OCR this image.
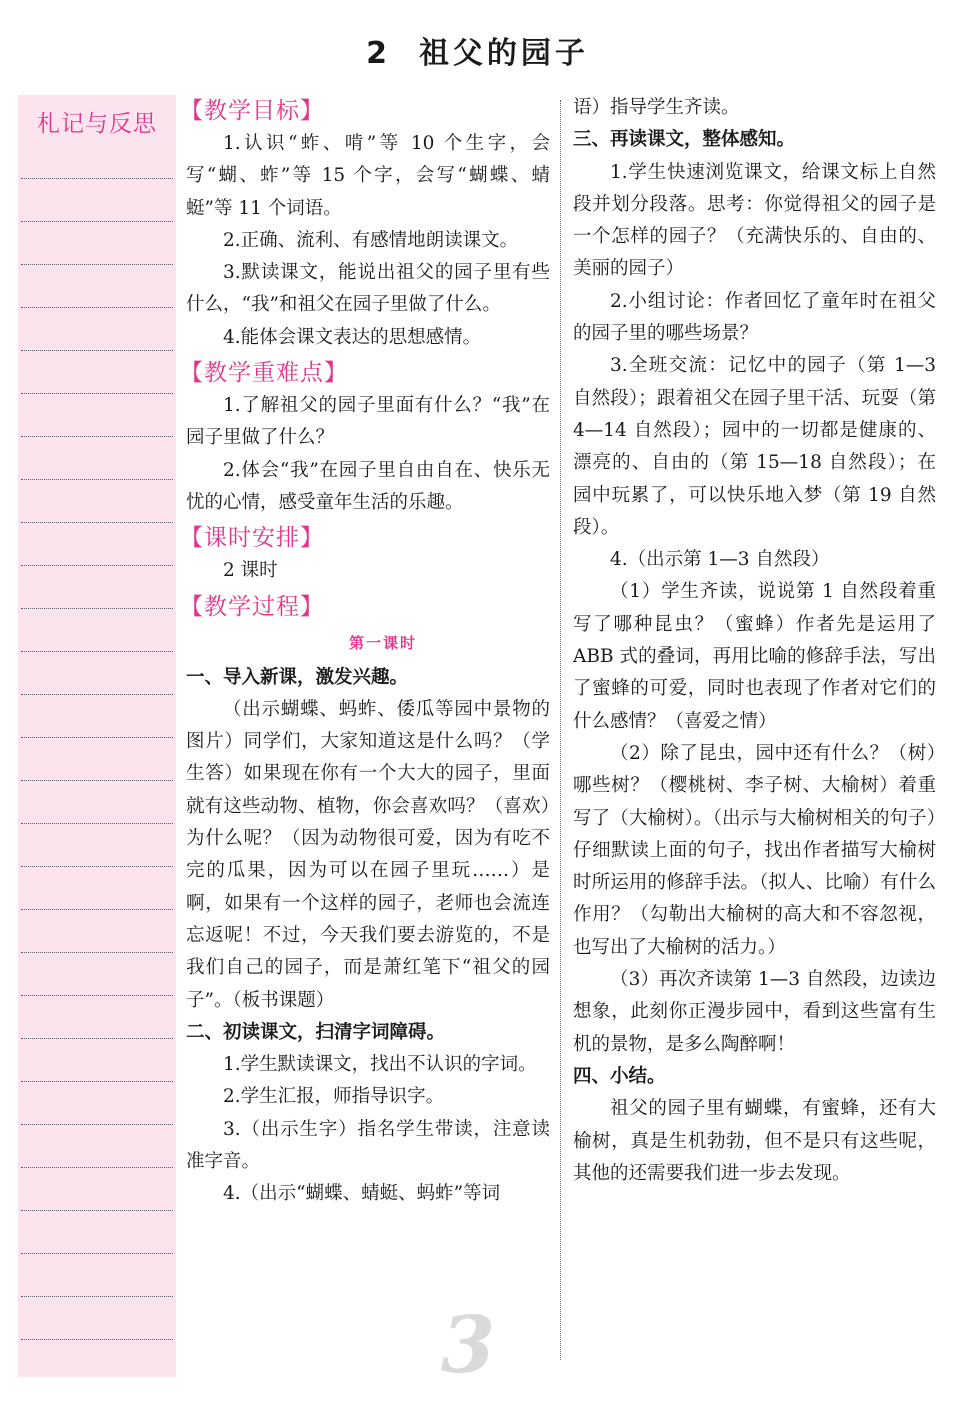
2 祖父的园子
札记与反思
3
【教学目标】

1.认识“蚱、啃”等 10 个生字，会写“蝴、蚱”等 15 个字，会写“蝴蝶、蜻蜓”等 11 个词语。

2.正确、流利、有感情地朗读课文。

3.默读课文，能说出祖父的园子里有些什么，“我”和祖父在园子里做了什么。

4.能体会课文表达的思想感情。

【教学重难点】

1.了解祖父的园子里面有什么？“我”在园子里做了什么？

2.体会“我”在园子里自由自在、快乐无忧的心情，感受童年生活的乐趣。

【课时安排】

2 课时

【教学过程】

第一课时

一、导入新课，激发兴趣。

（出示蝴蝶、蚂蚱、倭瓜等园中景物的图片）同学们，大家知道这是什么吗？（学生答）如果现在你有一个大大的园子，里面就有这些动物、植物，你会喜欢吗？（喜欢）为什么呢？（因为动物很可爱，因为有吃不完的瓜果，因为可以在园子里玩……）是啊，如果有一个这样的园子，老师也会流连忘返呢！不过，今天我们要去游览的，不是我们自己的园子，而是萧红笔下“祖父的园子”。（板书课题）

二、初读课文，扫清字词障碍。

1.学生默读课文，找出不认识的字词。

2.学生汇报，师指导识字。

3.（出示生字）指名学生带读，注意读准字音。

4.（出示“蝴蝶、蜻蜓、蚂蚱”等词

语）指导学生齐读。

三、再读课文，整体感知。

1.学生快速浏览课文，给课文标上自然段并划分段落。思考：你觉得祖父的园子是一个怎样的园子？（充满快乐的、自由的、美丽的园子）

2.小组讨论：作者回忆了童年时在祖父的园子里的哪些场景？

3.全班交流：记忆中的园子（第 1—3 自然段）；跟着祖父在园子里干活、玩耍（第 4—14 自然段）；园中的一切都是健康的、漂亮的、自由的（第 15—18 自然段）；在园中玩累了，可以快乐地入梦（第 19 自然段）。

4.（出示第 1—3 自然段）

（1）学生齐读，说说第 1 自然段着重写了哪种昆虫？（蜜蜂）作者先是运用了 ABB 式的叠词，再用比喻的修辞手法，写出了蜜蜂的可爱，同时也表现了作者对它们的什么感情？（喜爱之情）

（2）除了昆虫，园中还有什么？（树）哪些树？（樱桃树、李子树、大榆树）着重写了（大榆树）。（出示与大榆树相关的句子）仔细默读上面的句子，找出作者描写大榆树时所运用的修辞手法。（拟人、比喻）有什么作用？（勾勒出大榆树的高大和不容忽视，也写出了大榆树的活力。）

（3）再次齐读第 1—3 自然段，边读边想象，此刻你正漫步园中，看到这些富有生机的景物，是多么陶醉啊！

四、小结。

祖父的园子里有蝴蝶，有蜜蜂，还有大榆树，真是生机勃勃，但不是只有这些呢，其他的还需要我们进一步去发现。
